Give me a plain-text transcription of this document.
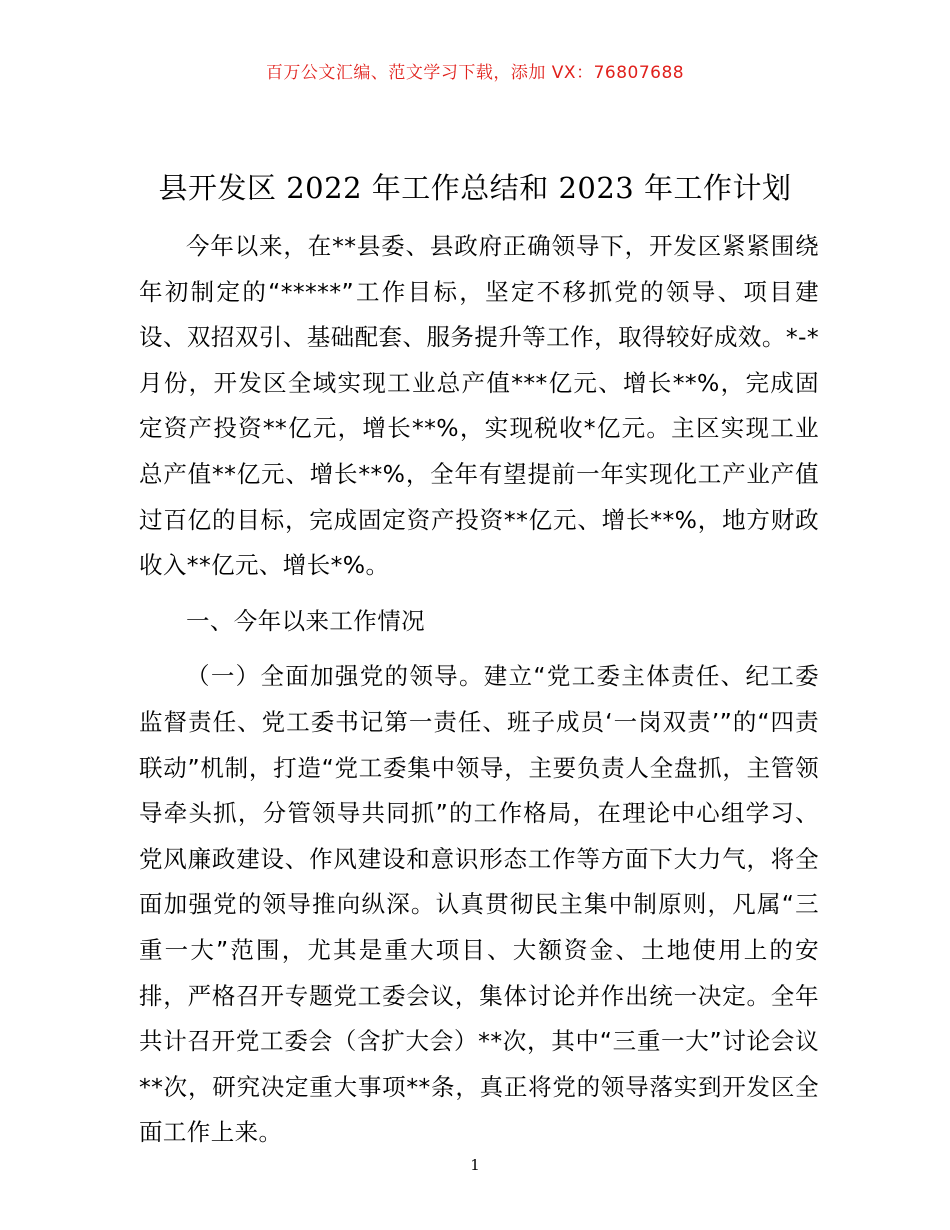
百万公文汇编、范文学习下载，添加 VX：76807688
县开发区 2022 年工作总结和 2023 年工作计划

今年以来，在**县委、县政府正确领导下，开发区紧紧围绕年初制定的“*****”工作目标，坚定不移抓党的领导、项目建设、双招双引、基础配套、服务提升等工作，取得较好成效。*-*月份，开发区全域实现工业总产值***亿元、增长**%，完成固定资产投资**亿元，增长**%，实现税收*亿元。主区实现工业总产值**亿元、增长**%，全年有望提前一年实现化工产业产值过百亿的目标，完成固定资产投资**亿元、增长**%，地方财政收入**亿元、增长*%。

一、今年以来工作情况

（一）全面加强党的领导。建立“党工委主体责任、纪工委监督责任、党工委书记第一责任、班子成员‘一岗双责’”的“四责联动”机制，打造“党工委集中领导，主要负责人全盘抓，主管领导牵头抓，分管领导共同抓”的工作格局，在理论中心组学习、党风廉政建设、作风建设和意识形态工作等方面下大力气，将全面加强党的领导推向纵深。认真贯彻民主集中制原则，凡属“三重一大”范围，尤其是重大项目、大额资金、土地使用上的安排，严格召开专题党工委会议，集体讨论并作出统一决定。全年共计召开党工委会（含扩大会）**次，其中“三重一大”讨论会议**次，研究决定重大事项**条，真正将党的领导落实到开发区全面工作上来。

1
